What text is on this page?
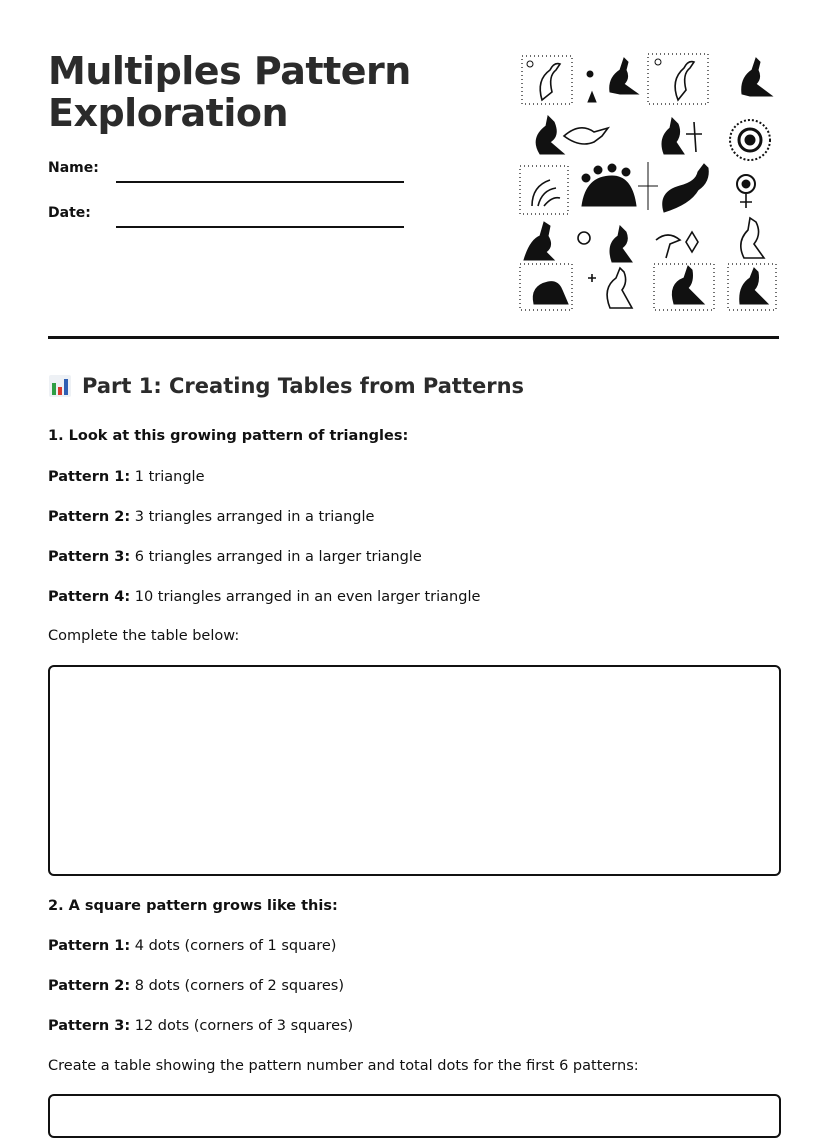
Multiples Pattern Exploration
Name:
Date:
Part 1: Creating Tables from Patterns

1. Look at this growing pattern of triangles:

Pattern 1: 1 triangle

Pattern 2: 3 triangles arranged in a triangle

Pattern 3: 6 triangles arranged in a larger triangle

Pattern 4: 10 triangles arranged in an even larger triangle

Complete the table below:

2. A square pattern grows like this:

Pattern 1: 4 dots (corners of 1 square)

Pattern 2: 8 dots (corners of 2 squares)

Pattern 3: 12 dots (corners of 3 squares)

Create a table showing the pattern number and total dots for the first 6 patterns:
